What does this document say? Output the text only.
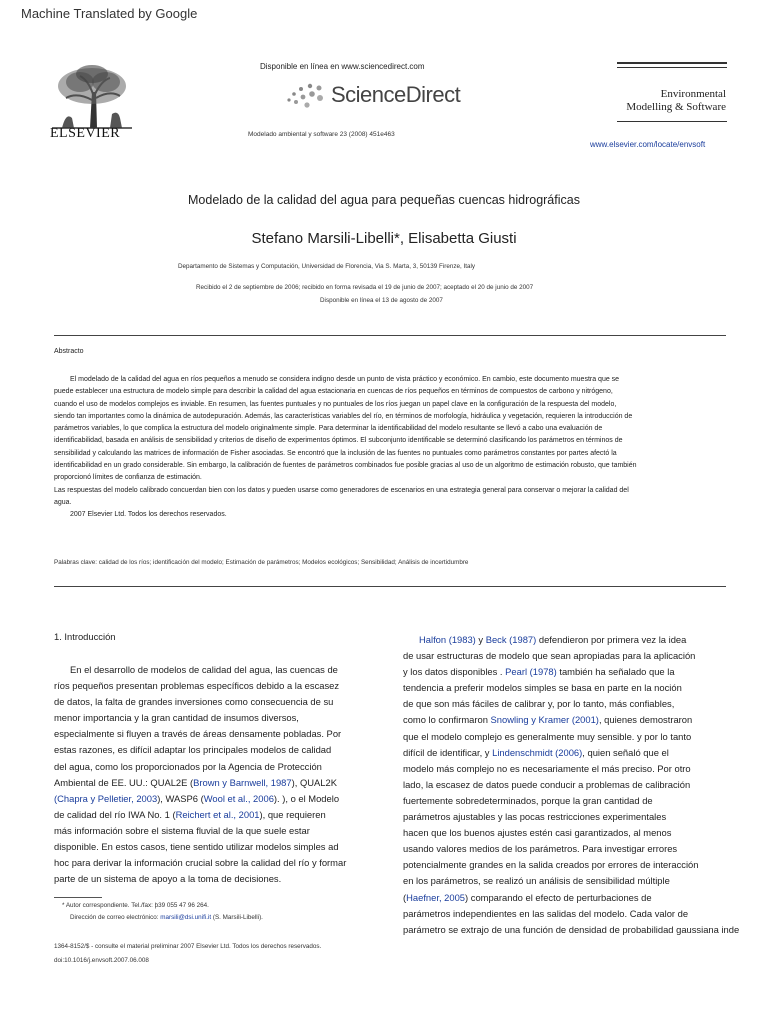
Machine Translated by Google
ELSEVIER
Disponible en línea en www.sciencedirect.com
ScienceDirect
Modelado ambiental y software 23 (2008) 451e463
Environmental
Modelling & Software
www.elsevier.com/locate/envsoft
Modelado de la calidad del agua para pequeñas cuencas hidrográficas
Stefano Marsili-Libelli*, Elisabetta Giusti
Departamento de Sistemas y Computación, Universidad de Florencia, Via S. Marta, 3, 50139 Firenze, Italy
Recibido el 2 de septiembre de 2006; recibido en forma revisada el 19 de junio de 2007; aceptado el 20 de junio de 2007
Disponible en línea el 13 de agosto de 2007
Abstracto

El modelado de la calidad del agua en ríos pequeños a menudo se considera indigno desde un punto de vista práctico y económico. En cambio, este documento muestra que se

puede establecer una estructura de modelo simple para describir la calidad del agua estacionaria en cuencas de ríos pequeños en términos de compuestos de carbono y nitrógeno,

cuando el uso de modelos complejos es inviable. En resumen, las fuentes puntuales y no puntuales de los ríos juegan un papel clave en la configuración de la respuesta del modelo,

siendo tan importantes como la dinámica de autodepuración. Además, las características variables del río, en términos de morfología, hidráulica y vegetación, requieren la introducción de

parámetros variables, lo que complica la estructura del modelo originalmente simple. Para determinar la identificabilidad del modelo resultante se llevó a cabo una evaluación de

identificabilidad, basada en análisis de sensibilidad y criterios de diseño de experimentos óptimos. El subconjunto identificable se determinó clasificando los parámetros en términos de

sensibilidad y calculando las matrices de información de Fisher asociadas. Se encontró que la inclusión de las fuentes no puntuales como parámetros constantes por partes afectó la

identificabilidad en un grado considerable. Sin embargo, la calibración de fuentes de parámetros combinados fue posible gracias al uso de un algoritmo de estimación robusto, que también

proporcionó límites de confianza de estimación.

Las respuestas del modelo calibrado concuerdan bien con los datos y pueden usarse como generadores de escenarios en una estrategia general para conservar o mejorar la calidad del

agua.

2007 Elsevier Ltd. Todos los derechos reservados.

Palabras clave: calidad de los ríos; identificación del modelo; Estimación de parámetros; Modelos ecológicos; Sensibilidad; Análisis de incertidumbre
1. Introducción

En el desarrollo de modelos de calidad del agua, las cuencas de

ríos pequeños presentan problemas específicos debido a la escasez

de datos, la falta de grandes inversiones como consecuencia de su

menor importancia y la gran cantidad de insumos diversos,

especialmente si fluyen a través de áreas densamente pobladas. Por

estas razones, es difícil adaptar los principales modelos de calidad

del agua, como los proporcionados por la Agencia de Protección

Ambiental de EE. UU.: QUAL2E (Brown y Barnwell, 1987), QUAL2K

(Chapra y Pelletier, 2003), WASP6 (Wool et al., 2006). ), o el Modelo

de calidad del río IWA No. 1 (Reichert et al., 2001), que requieren

más información sobre el sistema fluvial de la que suele estar

disponible. En estos casos, tiene sentido utilizar modelos simples ad

hoc para derivar la información crucial sobre la calidad del río y formar

parte de un sistema de apoyo a la toma de decisiones.

Halfon (1983) y Beck (1987) defendieron por primera vez la idea

de usar estructuras de modelo que sean apropiadas para la aplicación

y los datos disponibles . Pearl (1978) también ha señalado que la

tendencia a preferir modelos simples se basa en parte en la noción

de que son más fáciles de calibrar y, por lo tanto, más confiables,

como lo confirmaron Snowling y Kramer (2001), quienes demostraron

que el modelo complejo es generalmente muy sensible. y por lo tanto

difícil de identificar, y Lindenschmidt (2006), quien señaló que el

modelo más complejo no es necesariamente el más preciso. Por otro

lado, la escasez de datos puede conducir a problemas de calibración

fuertemente sobredeterminados, porque la gran cantidad de

parámetros ajustables y las pocas restricciones experimentales

hacen que los buenos ajustes estén casi garantizados, al menos

usando valores medios de los parámetros. Para investigar errores

potencialmente grandes en la salida creados por errores de interacción

en los parámetros, se realizó un análisis de sensibilidad múltiple

(Haefner, 2005) comparando el efecto de perturbaciones de

parámetros independientes en las salidas del modelo. Cada valor de

parámetro se extrajo de una función de densidad de probabilidad gaussiana inde

* Autor correspondiente. Tel./fax: þ39 055 47 96 264.
Dirección de correo electrónico: marsili@dsi.unifi.it (S. Marsili-Libelli).
1364-8152/$ - consulte el material preliminar 2007 Elsevier Ltd. Todos los derechos reservados.
doi:10.1016/j.envsoft.2007.06.008
